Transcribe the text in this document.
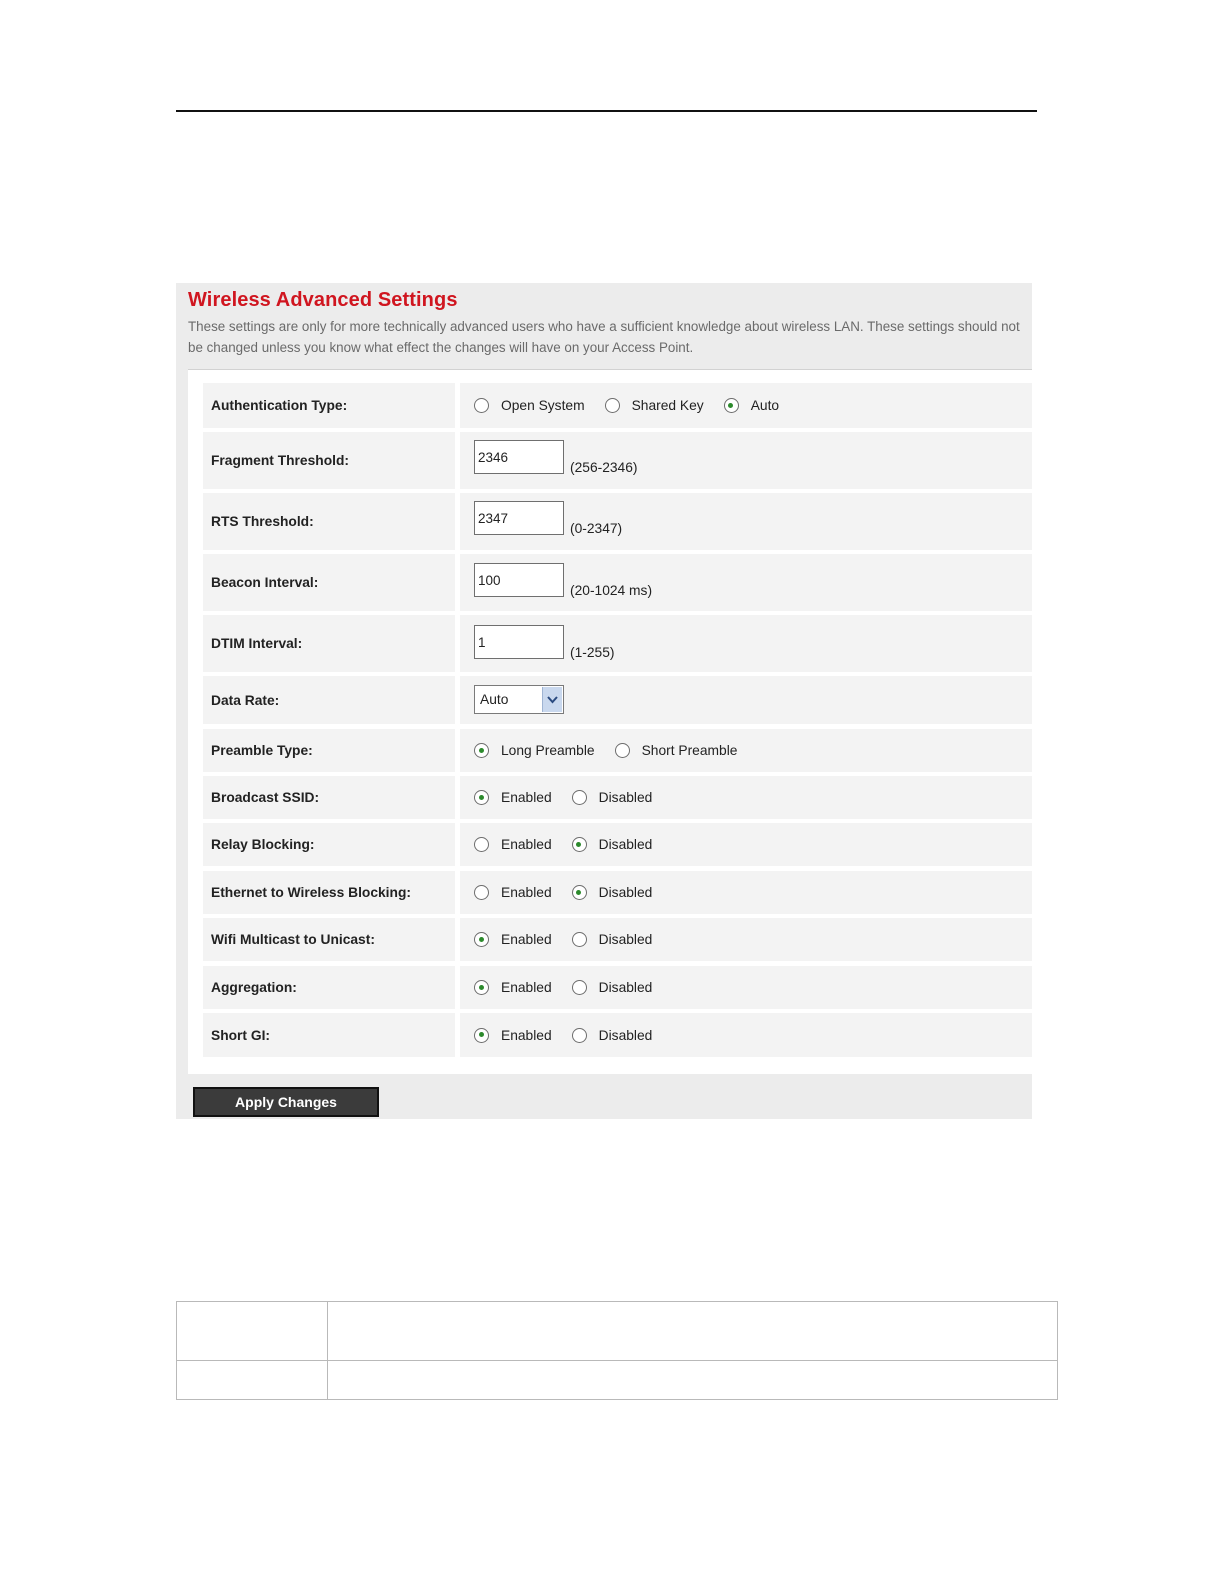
Wireless Advanced Settings

These settings are only for more technically advanced users who have a sufficient knowledge about wireless LAN. These settings should not be changed unless you know what effect the changes will have on your Access Point.

Authentication Type:	Open System	Shared Key	Auto
Fragment Threshold:
2346	(256-2346)
RTS Threshold:
2347	(0-2347)
Beacon Interval:
100
(20-1024 ms)
DTIM Interval:
1
(1-255)
Data Rate:	Auto
Preamble Type:	Long Preamble	Short Preamble
Broadcast SSID:	Enabled	Disabled
Relay Blocking:	Enabled	Disabled
Ethernet to Wireless Blocking:	Enabled	Disabled
Wifi Multicast to Unicast:	Enabled	Disabled
Aggregation:	Enabled	Disabled
Short GI:	Enabled	Disabled
Apply Changes
